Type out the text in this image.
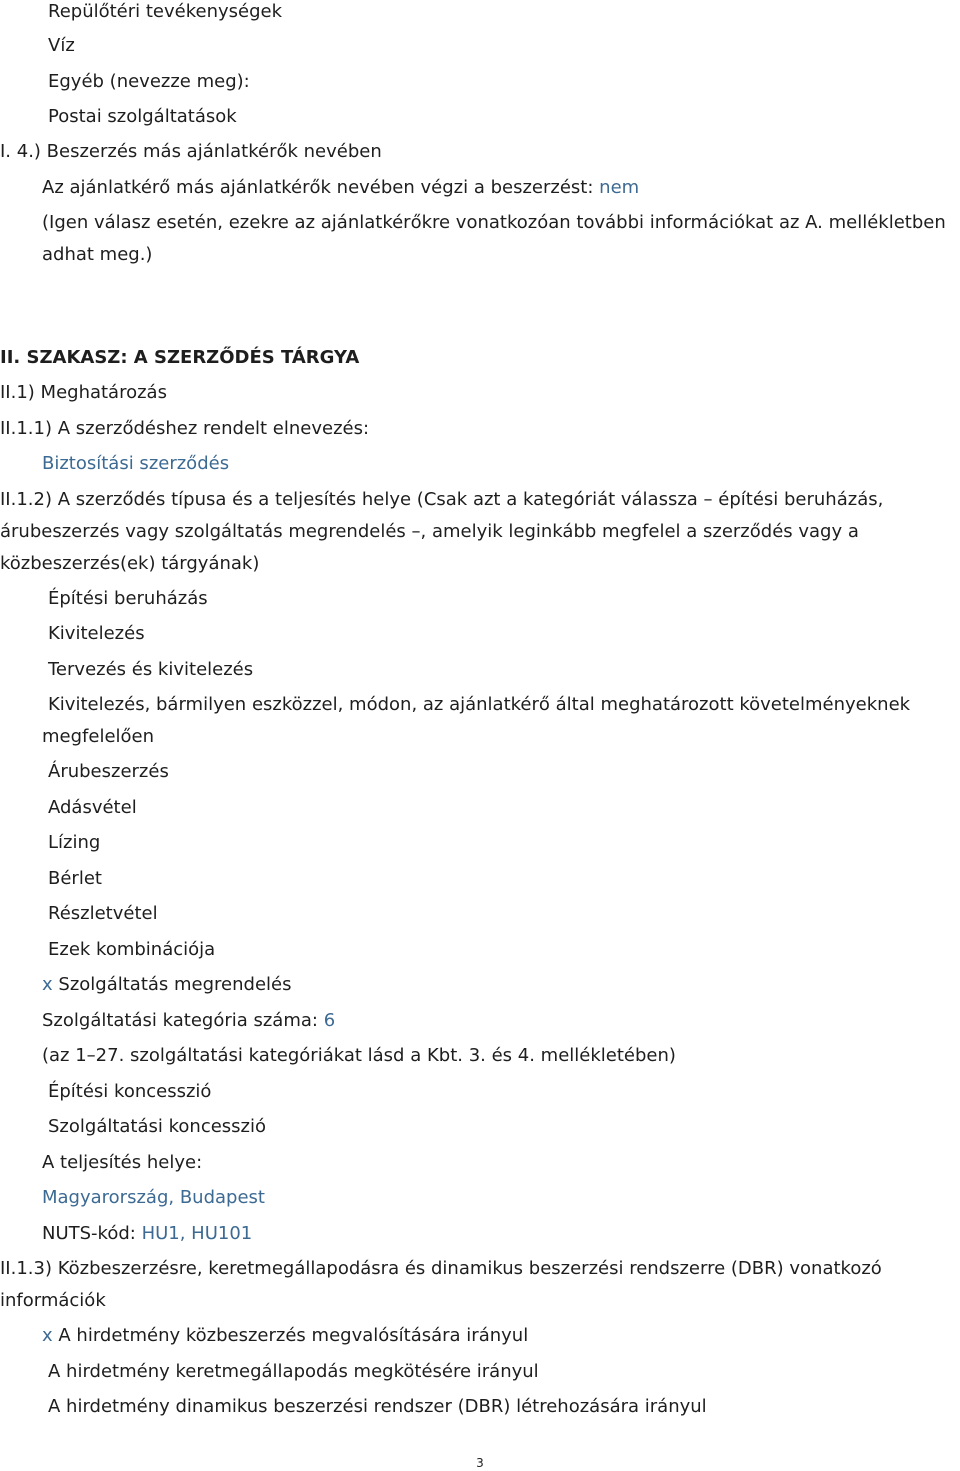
Repülőtéri tevékenységek

Víz

Egyéb (nevezze meg):

Postai szolgáltatások

I. 4.) Beszerzés más ajánlatkérők nevében

Az ajánlatkérő más ajánlatkérők nevében végzi a beszerzést: nem

(Igen válasz esetén, ezekre az ajánlatkérőkre vonatkozóan további információkat az A. mellékletben

adhat meg.)

II. SZAKASZ: A SZERZŐDÉS TÁRGYA

II.1) Meghatározás

II.1.1) A szerződéshez rendelt elnevezés:

Biztosítási szerződés

II.1.2) A szerződés típusa és a teljesítés helye (Csak azt a kategóriát válassza – építési beruházás,

árubeszerzés vagy szolgáltatás megrendelés –, amelyik leginkább megfelel a szerződés vagy a

közbeszerzés(ek) tárgyának)

Építési beruházás

Kivitelezés

Tervezés és kivitelezés

Kivitelezés, bármilyen eszközzel, módon, az ajánlatkérő által meghatározott követelményeknek

megfelelően

Árubeszerzés

Adásvétel

Lízing

Bérlet

Részletvétel

Ezek kombinációja

x Szolgáltatás megrendelés

Szolgáltatási kategória száma: 6

(az 1–27. szolgáltatási kategóriákat lásd a Kbt. 3. és 4. mellékletében)

Építési koncesszió

Szolgáltatási koncesszió

A teljesítés helye:

Magyarország, Budapest

NUTS-kód: HU1, HU101

II.1.3) Közbeszerzésre, keretmegállapodásra és dinamikus beszerzési rendszerre (DBR) vonatkozó

információk

x A hirdetmény közbeszerzés megvalósítására irányul

A hirdetmény keretmegállapodás megkötésére irányul

A hirdetmény dinamikus beszerzési rendszer (DBR) létrehozására irányul

3
